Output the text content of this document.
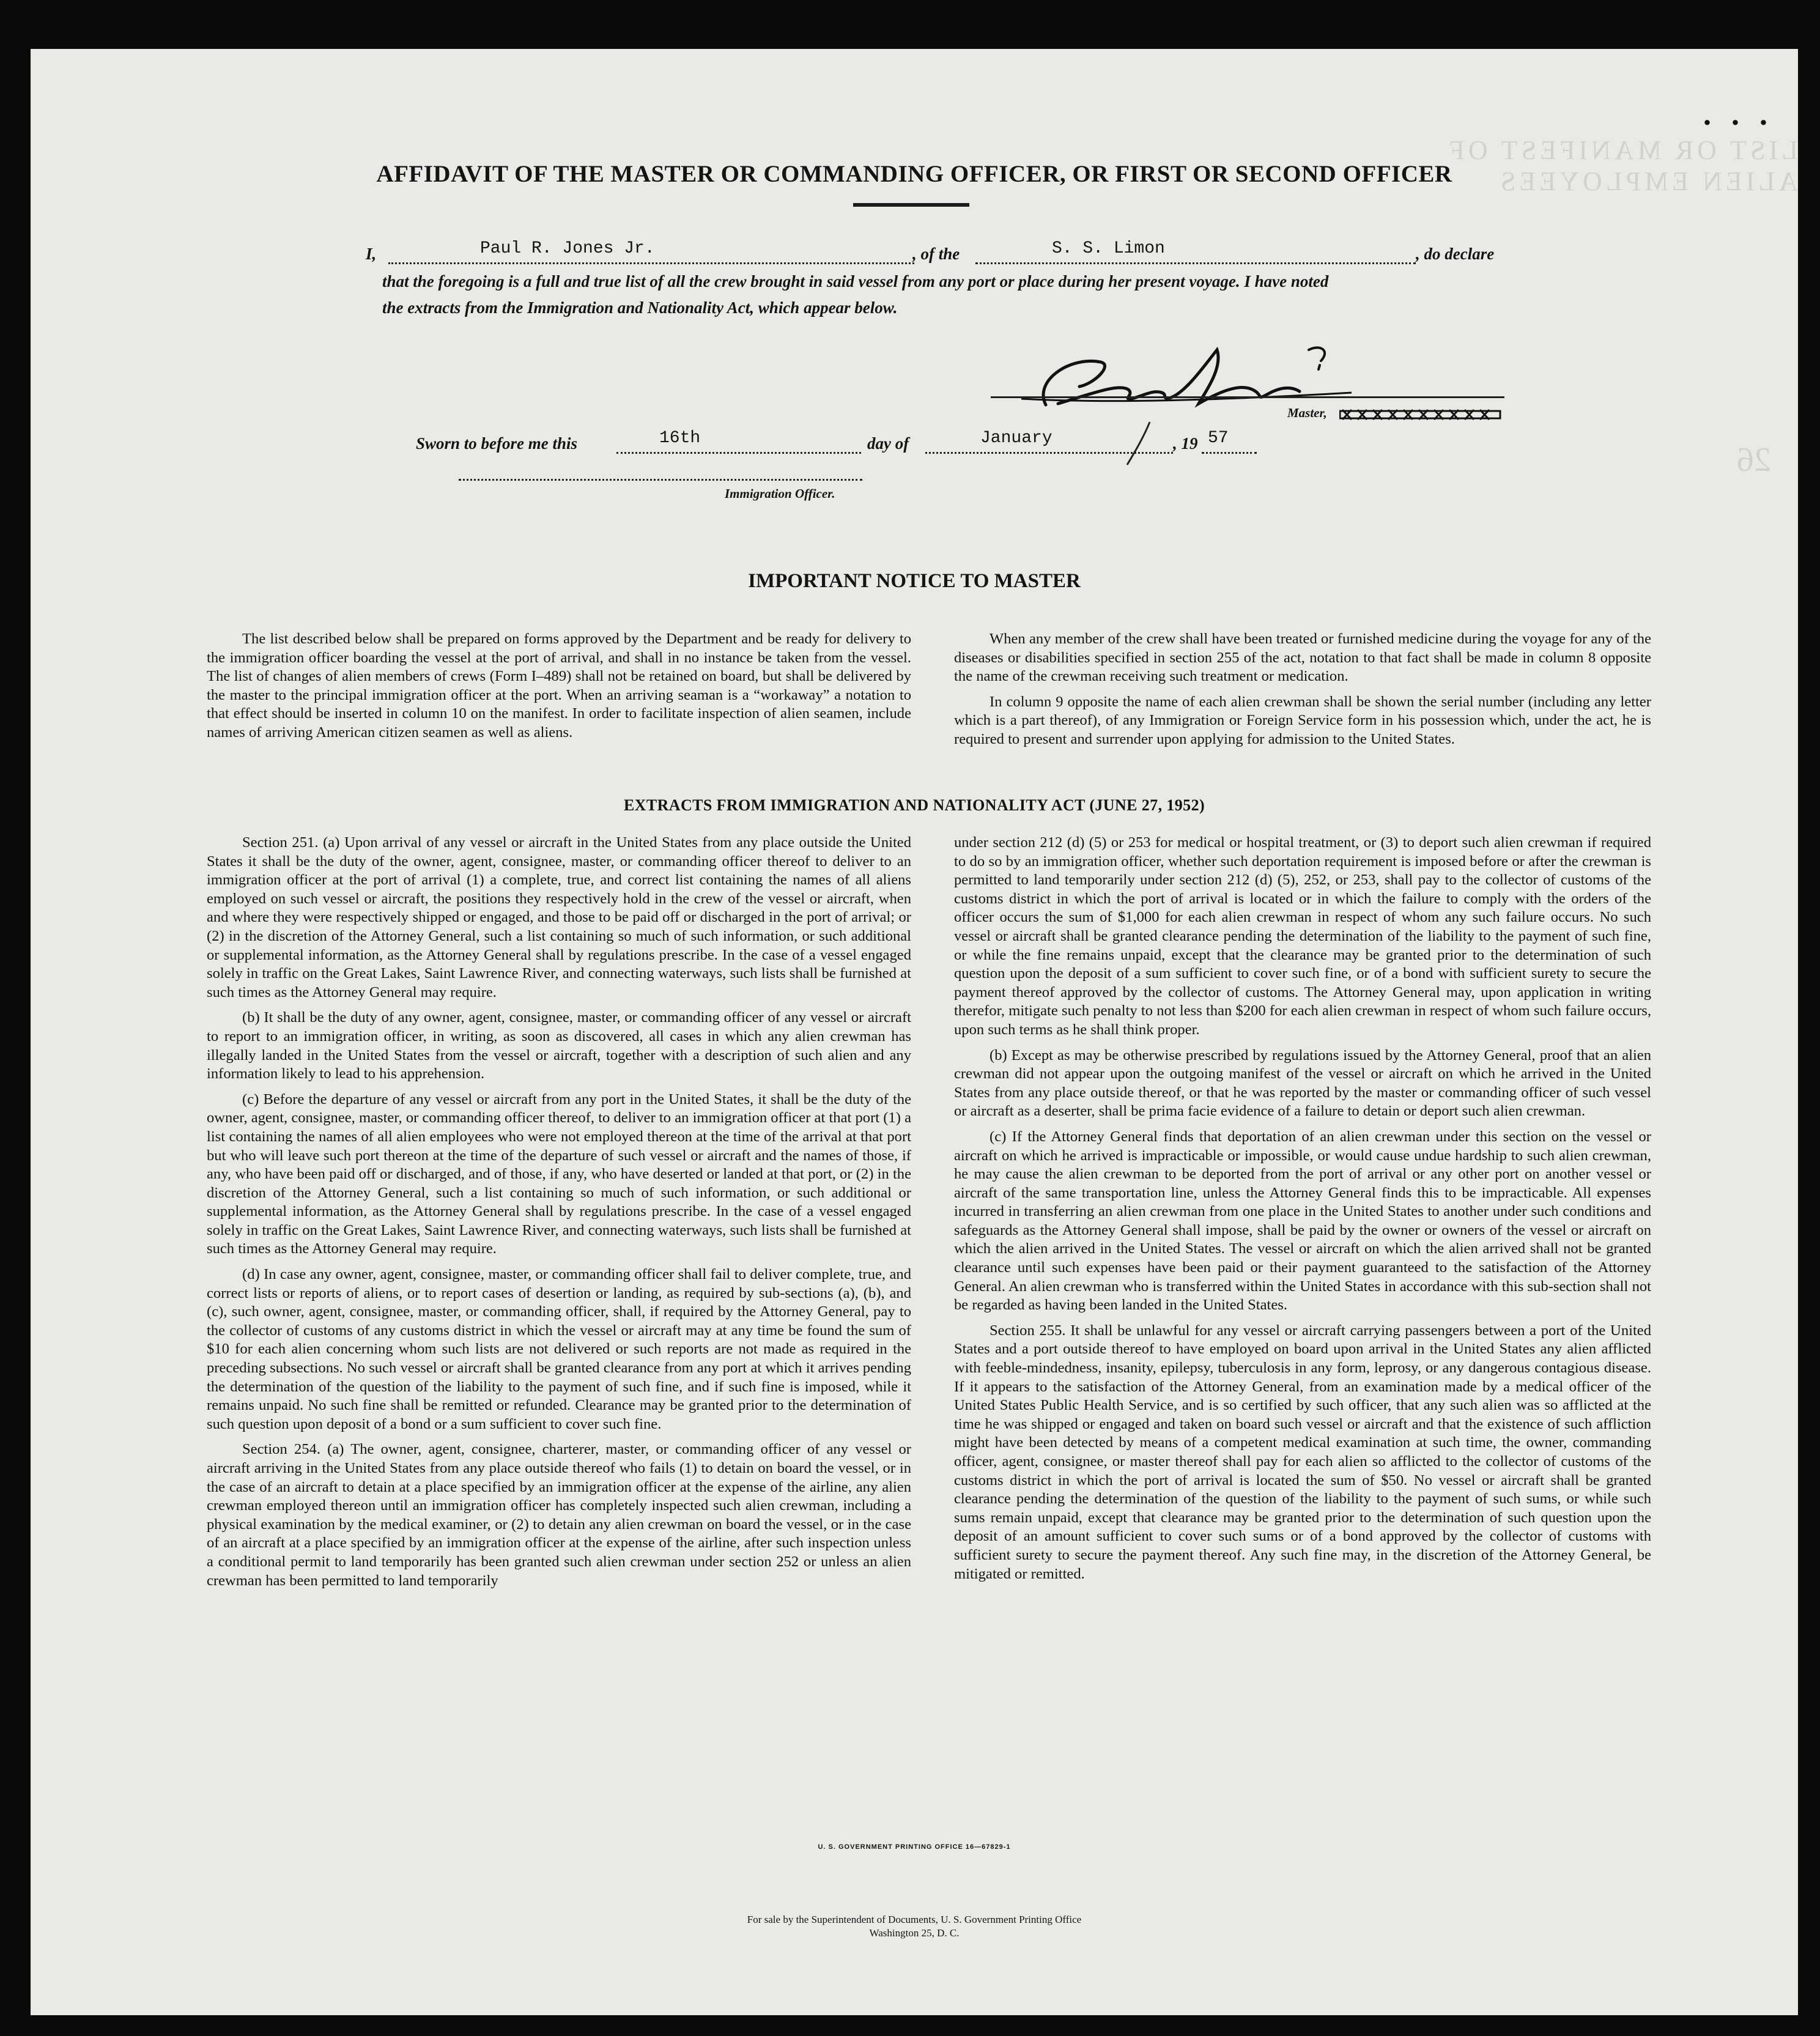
LIST OR MANIFEST OF ALIEN EMPLOYEES
26
. . .
AFFIDAVIT OF THE MASTER OR COMMANDING OFFICER, OR FIRST OR SECOND OFFICER
I,	Paul R. Jones Jr.	, of the	S. S. Limon	, do declare
that the foregoing is a full and true list of all the crew brought in said vessel from any port or place during her present voyage. I have noted
the extracts from the Immigration and Nationality Act, which appear below.
Master,
Sworn to before me this	16th	day of	January	, 19 57
Immigration Officer.
IMPORTANT NOTICE TO MASTER

The list described below shall be prepared on forms approved by the Department and be ready for delivery to the immigration officer boarding the vessel at the port of arrival, and shall in no instance be taken from the vessel. The list of changes of alien members of crews (Form I–489) shall not be retained on board, but shall be delivered by the master to the principal immigration officer at the port. When an arriving seaman is a “workaway” a notation to that effect should be inserted in column 10 on the manifest. In order to facilitate inspection of alien seamen, include names of arriving American citizen seamen as well as aliens.

When any member of the crew shall have been treated or furnished medicine during the voyage for any of the diseases or disabilities specified in section 255 of the act, notation to that fact shall be made in column 8 opposite the name of the crewman receiving such treatment or medication.

In column 9 opposite the name of each alien crewman shall be shown the serial number (including any letter which is a part thereof), of any Immigration or Foreign Service form in his possession which, under the act, he is required to present and surrender upon applying for admission to the United States.

EXTRACTS FROM IMMIGRATION AND NATIONALITY ACT (JUNE 27, 1952)

Section 251. (a) Upon arrival of any vessel or aircraft in the United States from any place outside the United States it shall be the duty of the owner, agent, consignee, master, or commanding officer thereof to deliver to an immigration officer at the port of arrival (1) a complete, true, and correct list containing the names of all aliens employed on such vessel or aircraft, the positions they respectively hold in the crew of the vessel or aircraft, when and where they were respectively shipped or engaged, and those to be paid off or discharged in the port of arrival; or (2) in the discretion of the Attorney General, such a list containing so much of such information, or such additional or supplemental information, as the Attorney General shall by regulations prescribe. In the case of a vessel engaged solely in traffic on the Great Lakes, Saint Lawrence River, and connecting waterways, such lists shall be furnished at such times as the Attorney General may require.

(b) It shall be the duty of any owner, agent, consignee, master, or commanding officer of any vessel or aircraft to report to an immigration officer, in writing, as soon as discovered, all cases in which any alien crewman has illegally landed in the United States from the vessel or aircraft, together with a description of such alien and any information likely to lead to his apprehension.

(c) Before the departure of any vessel or aircraft from any port in the United States, it shall be the duty of the owner, agent, consignee, master, or commanding officer thereof, to deliver to an immigration officer at that port (1) a list containing the names of all alien employees who were not employed thereon at the time of the arrival at that port but who will leave such port thereon at the time of the departure of such vessel or aircraft and the names of those, if any, who have been paid off or discharged, and of those, if any, who have deserted or landed at that port, or (2) in the discretion of the Attorney General, such a list containing so much of such information, or such additional or supplemental information, as the Attorney General shall by regulations prescribe. In the case of a vessel engaged solely in traffic on the Great Lakes, Saint Lawrence River, and connecting waterways, such lists shall be furnished at such times as the Attorney General may require.

(d) In case any owner, agent, consignee, master, or commanding officer shall fail to deliver complete, true, and correct lists or reports of aliens, or to report cases of desertion or landing, as required by sub-sections (a), (b), and (c), such owner, agent, consignee, master, or commanding officer, shall, if required by the Attorney General, pay to the collector of customs of any customs district in which the vessel or aircraft may at any time be found the sum of $10 for each alien concerning whom such lists are not delivered or such reports are not made as required in the preceding subsections. No such vessel or aircraft shall be granted clearance from any port at which it arrives pending the determination of the question of the liability to the payment of such fine, and if such fine is imposed, while it remains unpaid. No such fine shall be remitted or refunded. Clearance may be granted prior to the determination of such question upon deposit of a bond or a sum sufficient to cover such fine.

Section 254. (a) The owner, agent, consignee, charterer, master, or commanding officer of any vessel or aircraft arriving in the United States from any place outside thereof who fails (1) to detain on board the vessel, or in the case of an aircraft to detain at a place specified by an immigration officer at the expense of the airline, any alien crewman employed thereon until an immigration officer has completely inspected such alien crewman, including a physical examination by the medical examiner, or (2) to detain any alien crewman on board the vessel, or in the case of an aircraft at a place specified by an immigration officer at the expense of the airline, after such inspection unless a conditional permit to land temporarily has been granted such alien crewman under section 252 or unless an alien crewman has been permitted to land temporarily

under section 212 (d) (5) or 253 for medical or hospital treatment, or (3) to deport such alien crewman if required to do so by an immigration officer, whether such deportation requirement is imposed before or after the crewman is permitted to land temporarily under section 212 (d) (5), 252, or 253, shall pay to the collector of customs of the customs district in which the port of arrival is located or in which the failure to comply with the orders of the officer occurs the sum of $1,000 for each alien crewman in respect of whom any such failure occurs. No such vessel or aircraft shall be granted clearance pending the determination of the liability to the payment of such fine, or while the fine remains unpaid, except that the clearance may be granted prior to the determination of such question upon the deposit of a sum sufficient to cover such fine, or of a bond with sufficient surety to secure the payment thereof approved by the collector of customs. The Attorney General may, upon application in writing therefor, mitigate such penalty to not less than $200 for each alien crewman in respect of whom such failure occurs, upon such terms as he shall think proper.

(b) Except as may be otherwise prescribed by regulations issued by the Attorney General, proof that an alien crewman did not appear upon the outgoing manifest of the vessel or aircraft on which he arrived in the United States from any place outside thereof, or that he was reported by the master or commanding officer of such vessel or aircraft as a deserter, shall be prima facie evidence of a failure to detain or deport such alien crewman.

(c) If the Attorney General finds that deportation of an alien crewman under this section on the vessel or aircraft on which he arrived is impracticable or impossible, or would cause undue hardship to such alien crewman, he may cause the alien crewman to be deported from the port of arrival or any other port on another vessel or aircraft of the same transportation line, unless the Attorney General finds this to be impracticable. All expenses incurred in transferring an alien crewman from one place in the United States to another under such conditions and safeguards as the Attorney General shall impose, shall be paid by the owner or owners of the vessel or aircraft on which the alien arrived in the United States. The vessel or aircraft on which the alien arrived shall not be granted clearance until such expenses have been paid or their payment guaranteed to the satisfaction of the Attorney General. An alien crewman who is transferred within the United States in accordance with this sub-section shall not be regarded as having been landed in the United States.

Section 255. It shall be unlawful for any vessel or aircraft carrying passengers between a port of the United States and a port outside thereof to have employed on board upon arrival in the United States any alien afflicted with feeble-mindedness, insanity, epilepsy, tuberculosis in any form, leprosy, or any dangerous contagious disease. If it appears to the satisfaction of the Attorney General, from an examination made by a medical officer of the United States Public Health Service, and is so certified by such officer, that any such alien was so afflicted at the time he was shipped or engaged and taken on board such vessel or aircraft and that the existence of such affliction might have been detected by means of a competent medical examination at such time, the owner, commanding officer, agent, consignee, or master thereof shall pay for each alien so afflicted to the collector of customs of the customs district in which the port of arrival is located the sum of $50. No vessel or aircraft shall be granted clearance pending the determination of the question of the liability to the payment of such sums, or while such sums remain unpaid, except that clearance may be granted prior to the determination of such question upon the deposit of an amount sufficient to cover such sums or of a bond approved by the collector of customs with sufficient surety to secure the payment thereof. Any such fine may, in the discretion of the Attorney General, be mitigated or remitted.

U. S. GOVERNMENT PRINTING OFFICE 16—67829-1
For sale by the Superintendent of Documents, U. S. Government Printing Office
Washington 25, D. C.
